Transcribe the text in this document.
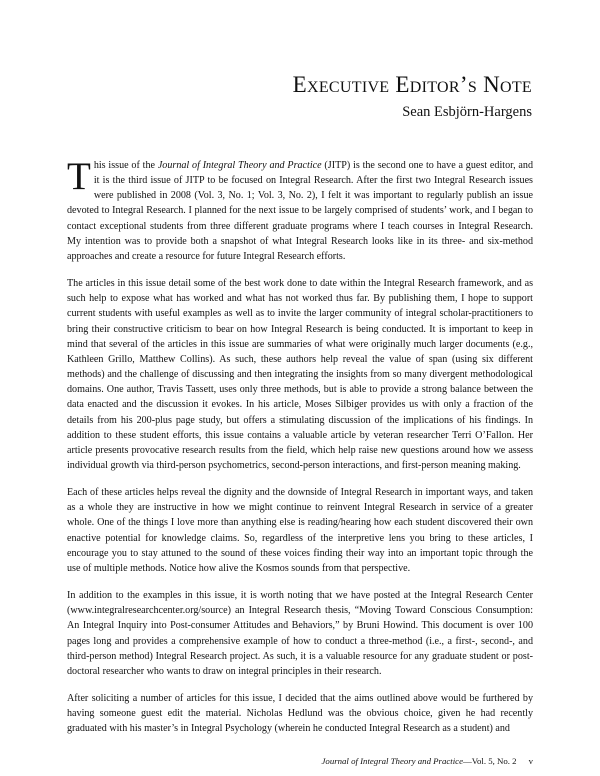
Executive Editor’s Note
Sean Esbjörn-Hargens

This issue of the Journal of Integral Theory and Practice (JITP) is the second one to have a guest editor, and it is the third issue of JITP to be focused on Integral Research. After the first two Integral Research issues were published in 2008 (Vol. 3, No. 1; Vol. 3, No. 2), I felt it was important to regularly publish an issue devoted to Integral Research. I planned for the next issue to be largely comprised of students’ work, and I began to contact exceptional students from three different graduate programs where I teach courses in Integral Research. My intention was to provide both a snapshot of what Integral Research looks like in its three- and six-method approaches and create a resource for future Integral Research efforts.

The articles in this issue detail some of the best work done to date within the Integral Research framework, and as such help to expose what has worked and what has not worked thus far. By publishing them, I hope to support current students with useful examples as well as to invite the larger community of integral scholar-practitioners to bring their constructive criticism to bear on how Integral Research is being conducted. It is important to keep in mind that several of the articles in this issue are summaries of what were originally much larger documents (e.g., Kathleen Grillo, Matthew Collins). As such, these authors help reveal the value of span (using six different methods) and the challenge of discussing and then integrating the insights from so many divergent methodological domains. One author, Travis Tassett, uses only three methods, but is able to provide a strong balance between the data enacted and the discussion it evokes. In his article, Moses Silbiger provides us with only a fraction of the details from his 200-plus page study, but offers a stimulating discussion of the implications of his findings. In addition to these student efforts, this issue contains a valuable article by veteran researcher Terri O’Fallon. Her article presents provocative research results from the field, which help raise new questions around how we assess individual growth via third-person psychometrics, second-person interactions, and first-person meaning making.

Each of these articles helps reveal the dignity and the downside of Integral Research in important ways, and taken as a whole they are instructive in how we might continue to reinvent Integral Research in service of a greater whole. One of the things I love more than anything else is reading/hearing how each student discovered their own enactive potential for knowledge claims. So, regardless of the interpretive lens you bring to these articles, I encourage you to stay attuned to the sound of these voices finding their way into an important topic through the use of multiple methods. Notice how alive the Kosmos sounds from that perspective.

In addition to the examples in this issue, it is worth noting that we have posted at the Integral Research Center (www.integralresearchcenter.org/source) an Integral Research thesis, “Moving Toward Conscious Consumption: An Integral Inquiry into Post-consumer Attitudes and Behaviors,” by Bruni Howind. This document is over 100 pages long and provides a comprehensive example of how to conduct a three-method (i.e., a first-, second-, and third-person method) Integral Research project. As such, it is a valuable resource for any graduate student or post-doctoral researcher who wants to draw on integral principles in their research.

After soliciting a number of articles for this issue, I decided that the aims outlined above would be furthered by having someone guest edit the material. Nicholas Hedlund was the obvious choice, given he had recently graduated with his master’s in Integral Psychology (wherein he conducted Integral Research as a student) and

Journal of Integral Theory and Practice—Vol. 5, No. 2 v
